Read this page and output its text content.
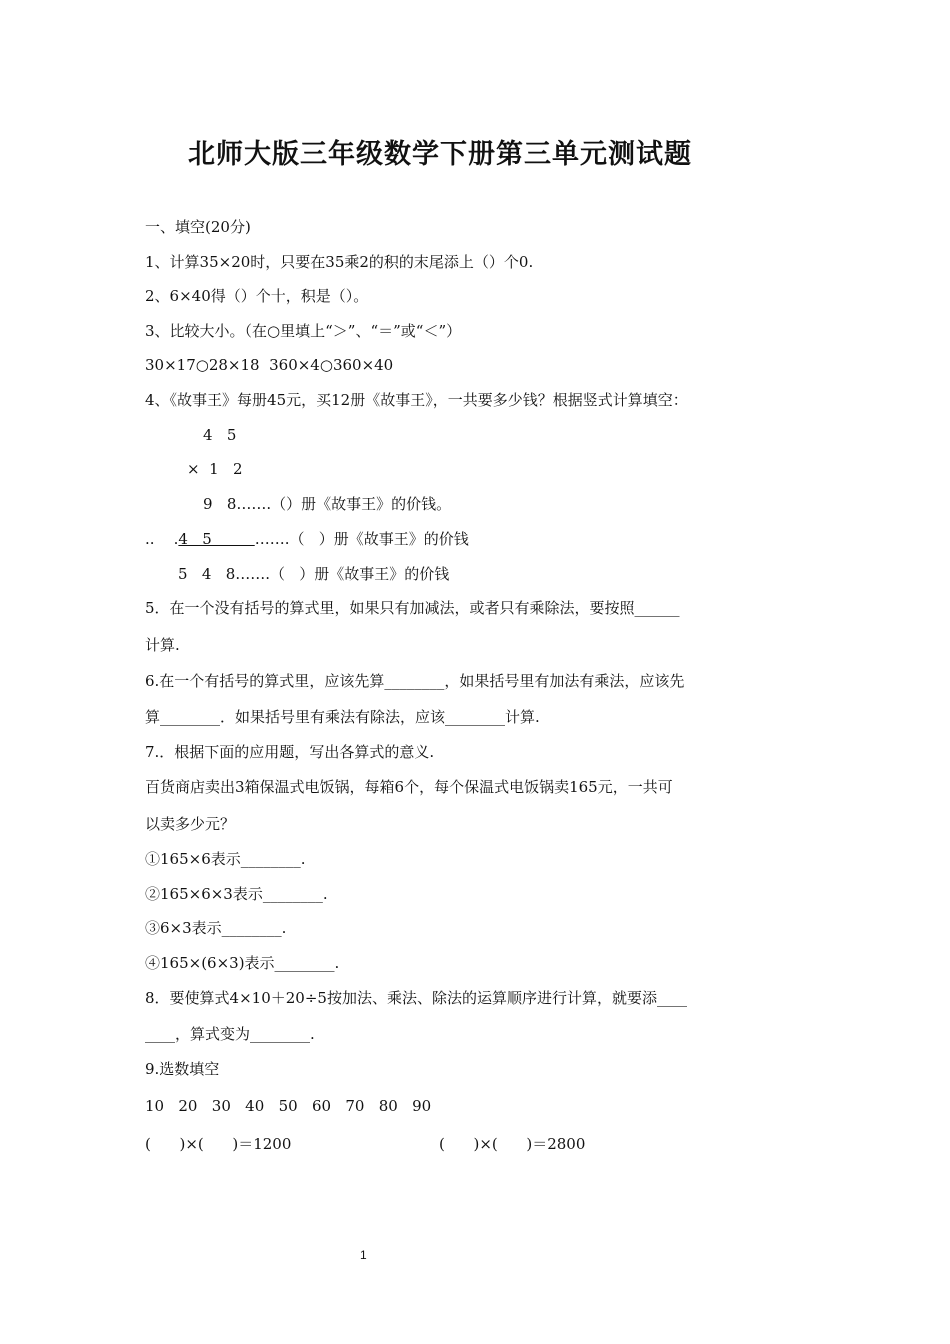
北师大版三年级数学下册第三单元测试题
一、填空(20分)
1、计算35×20时，只要在35乘2的积的末尾添上（）个0.
2、6×40得（）个十，积是（）。
3、比较大小。（在○里填上“＞”、“＝”或“＜”）
30×17○28×18  360×4○360×40
4、《故事王》每册45元，买12册《故事王》，一共要多少钱？根据竖式计算填空：
4   5
×  1   2
9   8…….（）册《故事王》的价钱。
..    .4   5         …….（   ）册《故事王》的价钱
5   4   8…….（   ）册《故事王》的价钱
5．在一个没有括号的算式里，如果只有加减法，或者只有乘除法，要按照______
计算.
6.在一个有括号的算式里，应该先算________，如果括号里有加法有乘法，应该先
算________．如果括号里有乘法有除法，应该________计算.
7.．根据下面的应用题，写出各算式的意义.
百货商店卖出3箱保温式电饭锅，每箱6个，每个保温式电饭锅卖165元，一共可
以卖多少元？
①165×6表示________.
②165×6×3表示________.
③6×3表示________.
④165×(6×3)表示________.
8．要使算式4×10＋20÷5按加法、乘法、除法的运算顺序进行计算，就要添____
____，算式变为________.
9.选数填空
10   20   30   40   50   60   70   80   90
(      )×(      )＝1200	(      )×(      )＝2800
1
